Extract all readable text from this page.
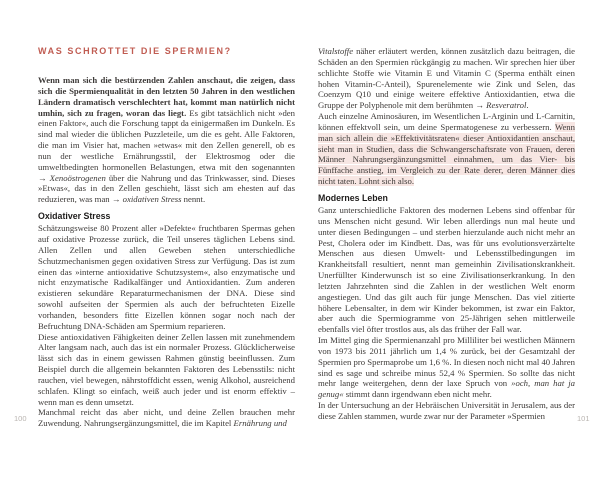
WAS SCHROTTET DIE SPERMIEN?

Wenn man sich die bestürzenden Zahlen anschaut, die zeigen, dass sich die Spermienqualität in den letzten 50 Jahren in den westlichen Ländern dramatisch verschlechtert hat, kommt man natürlich nicht umhin, sich zu fragen, woran das liegt. Es gibt tatsächlich nicht »den einen Faktor«, auch die Forschung tappt da einigermaßen im Dunkeln. Es sind mal wieder die üblichen Puzzleteile, um die es geht. Alle Faktoren, die man im Visier hat, machen »etwas« mit den Zellen generell, ob es nun der westliche Ernährungsstil, der Elektrosmog oder die umweltbedingten hormonellen Belastungen, etwa mit den sogenannten → Xenoöstrogenen über die Nahrung und das Trinkwasser, sind. Dieses »Etwas«, das in den Zellen geschieht, lässt sich am ehesten auf das reduzieren, was man → oxidativen Stress nennt.

Oxidativer Stress

Schätzungsweise 80 Prozent aller »Defekte« fruchtbaren Spermas gehen auf oxidative Prozesse zurück, die Teil unseres täglichen Lebens sind. Allen Zellen und allen Geweben stehen unterschiedliche Schutzmechanismen gegen oxidativen Stress zur Verfügung. Das ist zum einen das »interne antioxidative Schutzsystem«, also enzymatische und nicht enzymatische Radikalfänger und Antioxidantien. Zum anderen existieren sekundäre Reparaturmechanismen der DNA. Diese sind sowohl aufseiten der Spermien als auch der befruchteten Eizelle vorhanden, besonders fitte Eizellen können sogar noch nach der Befruchtung DNA-Schäden am Spermium reparieren.

Diese antioxidativen Fähigkeiten deiner Zellen lassen mit zunehmendem Alter langsam nach, auch das ist ein normaler Prozess. Glücklicherweise lässt sich das in einem gewissen Rahmen günstig beeinflussen. Zum Beispiel durch die allgemein bekannten Faktoren des Lebensstils: nicht rauchen, viel bewegen, nährstoffdicht essen, wenig Alkohol, ausreichend schlafen. Klingt so einfach, weiß auch jeder und ist enorm effektiv – wenn man es denn umsetzt.

Manchmal reicht das aber nicht, und deine Zellen brauchen mehr Zuwendung. Nahrungsergänzungsmittel, die im Kapitel Ernährung und

Vitalstoffe näher erläutert werden, können zusätzlich dazu beitragen, die Schäden an den Spermien rückgängig zu machen. Wir sprechen hier über schlichte Stoffe wie Vitamin E und Vitamin C (Sperma enthält einen hohen Vitamin-C-Anteil), Spurenelemente wie Zink und Selen, das Coenzym Q10 und einige weitere effektive Antioxidantien, etwa die Gruppe der Polyphenole mit dem berühmten → Resveratrol.

Auch einzelne Aminosäuren, im Wesentlichen L-Arginin und L-Carnitin, können effektvoll sein, um deine Spermatogenese zu verbessern. Wenn man sich allein die »Effektivitätsraten« dieser Antioxidantien anschaut, sieht man in Studien, dass die Schwangerschaftsrate von Frauen, deren Männer Nahrungsergänzungsmittel einnahmen, um das Vier- bis Fünffache anstieg, im Vergleich zu der Rate derer, deren Männer dies nicht taten. Lohnt sich also.

Modernes Leben

Ganz unterschiedliche Faktoren des modernen Lebens sind offenbar für uns Menschen nicht gesund. Wir leben allerdings nun mal heute und unter diesen Bedingungen – und sterben hierzulande auch nicht mehr an Pest, Cholera oder im Kindbett. Das, was für uns evolutionsverzärtelte Menschen aus diesen Umwelt- und Lebensstilbedingungen im Krankheitsfall resultiert, nennt man gemeinhin Zivilisationskrankheit. Unerfüllter Kinderwunsch ist so eine Zivilisationserkrankung. In den letzten Jahrzehnten sind die Zahlen in der westlichen Welt enorm angestiegen. Und das gilt auch für junge Menschen. Das viel zitierte höhere Lebensalter, in dem wir Kinder bekommen, ist zwar ein Faktor, aber auch die Spermiogramme von 25-Jährigen sehen mittlerweile ebenfalls viel öfter trostlos aus, als das früher der Fall war.

Im Mittel ging die Spermienanzahl pro Milliliter bei westlichen Männern von 1973 bis 2011 jährlich um 1,4 % zurück, bei der Gesamtzahl der Spermien pro Spermaprobe um 1,6 %. In diesen noch nicht mal 40 Jahren sind es sage und schreibe minus 52,4 % Spermien. So sollte das nicht mehr lange weitergehen, denn der laxe Spruch von »och, man hat ja genug« stimmt dann irgendwann eben nicht mehr.

In der Untersuchung an der Hebräischen Universität in Jerusalem, aus der diese Zahlen stammen, wurde zwar nur der Parameter »Spermien

100	101
